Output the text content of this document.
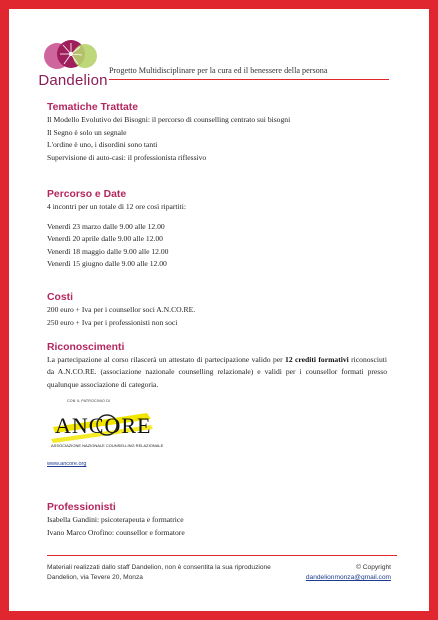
Dandelion
Progetto Multidisciplinare per la cura ed il benessere della persona
Tematiche Trattate
Il Modello Evolutivo dei Bisogni: il percorso di counselling centrato sui bisogni
Il Segno è solo un segnale
L'ordine è uno, i disordini sono tanti
Supervisione di auto-casi: il professionista riflessivo
Percorso e Date
4 incontri per un totale di 12 ore così ripartiti:
Venerdì 23 marzo dalle 9.00 alle 12.00
Venerdì 20 aprile dalle 9.00 alle 12.00
Venerdì 18 maggio dalle 9.00 alle 12.00
Venerdì 15 giugno dalle 9.00 alle 12.00
Costi
200 euro + Iva per i counsellor soci A.N.CO.RE.
250 euro + Iva per i professionisti non soci
Riconoscimenti
La partecipazione al corso rilascerà un attestato di partecipazione valido per 12 crediti formativi riconosciuti da A.N.CO.RE. (associazione nazionale counselling relazionale) e validi per i counsellor formati presso qualunque associazione di categoria.
Professionisti
Isabella Gandini: psicoterapeuta e formatrice
Ivano Marco Orofino: counsellor e formatore
CON IL PATROCINIO DI
ANCORE
ASSOCIAZIONE NAZIONALE COUNSELLING RELAZIONALE
www.ancore.org
Materiali realizzati dallo staff Dandelion, non è consentita la sua riproduzione
Dandelion, via Tevere 20, Monza
© Copyright
dandelionmonza@gmail.com
